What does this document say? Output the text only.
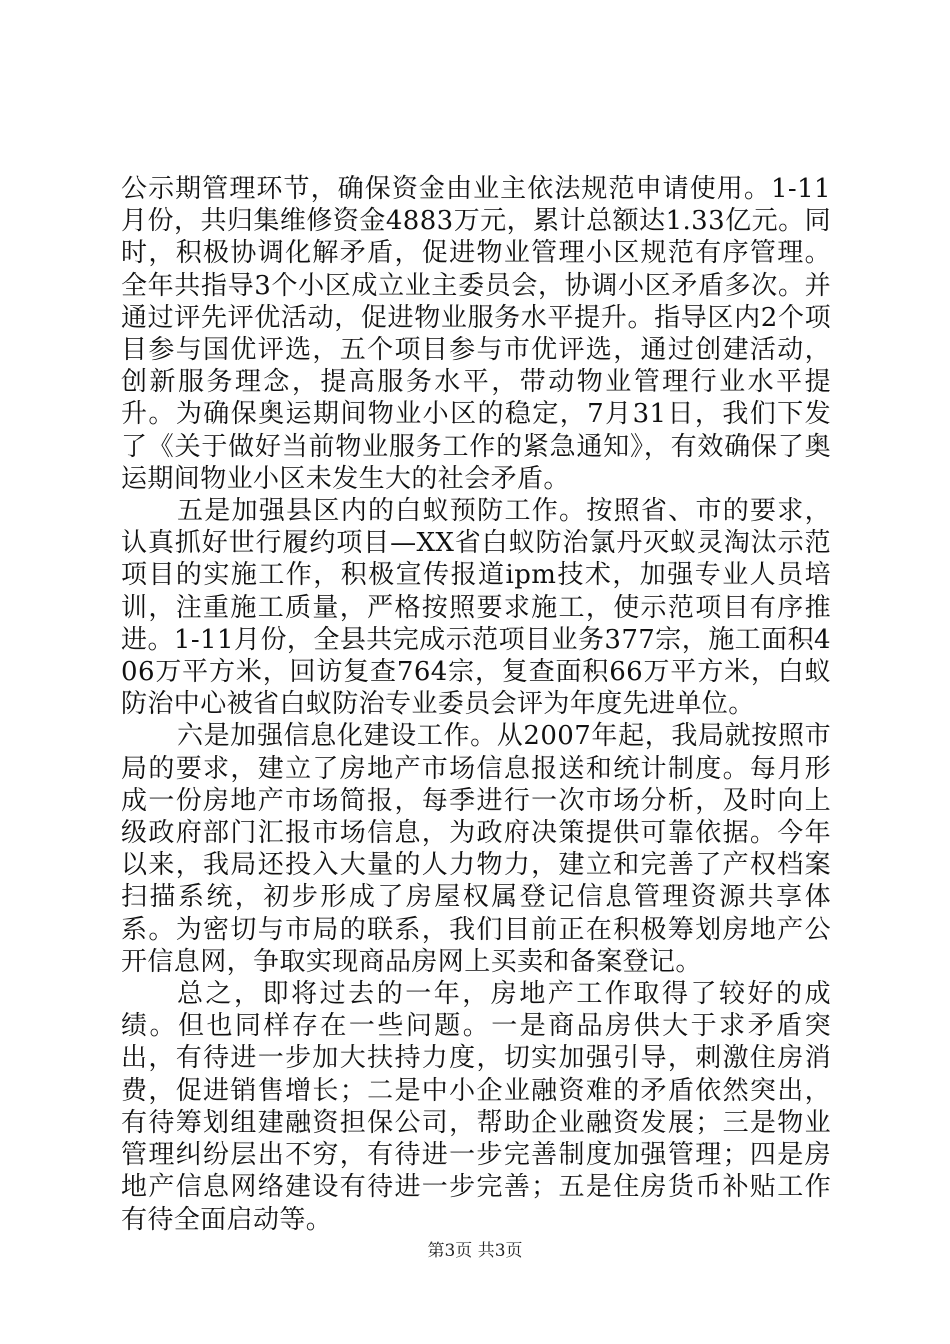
公示期管理环节，确保资金由业主依法规范申请使用。1-11月份，共归集维修资金4883万元，累计总额达1.33亿元。同时，积极协调化解矛盾，促进物业管理小区规范有序管理。全年共指导3个小区成立业主委员会，协调小区矛盾多次。并通过评先评优活动，促进物业服务水平提升。指导区内2个项目参与国优评选，五个项目参与市优评选，通过创建活动，创新服务理念，提高服务水平，带动物业管理行业水平提升。为确保奥运期间物业小区的稳定，7月31日，我们下发了《关于做好当前物业服务工作的紧急通知》，有效确保了奥运期间物业小区未发生大的社会矛盾。

五是加强县区内的白蚁预防工作。按照省、市的要求，认真抓好世行履约项目—XX省白蚁防治氯丹灭蚁灵淘汰示范项目的实施工作，积极宣传报道ipm技术，加强专业人员培训，注重施工质量，严格按照要求施工，使示范项目有序推进。1-11月份，全县共完成示范项目业务377宗，施工面积406万平方米，回访复查764宗，复查面积66万平方米，白蚁防治中心被省白蚁防治专业委员会评为年度先进单位。

六是加强信息化建设工作。从2007年起，我局就按照市局的要求，建立了房地产市场信息报送和统计制度。每月形成一份房地产市场简报，每季进行一次市场分析，及时向上级政府部门汇报市场信息，为政府决策提供可靠依据。今年以来，我局还投入大量的人力物力，建立和完善了产权档案扫描系统，初步形成了房屋权属登记信息管理资源共享体系。为密切与市局的联系，我们目前正在积极筹划房地产公开信息网，争取实现商品房网上买卖和备案登记。

总之，即将过去的一年，房地产工作取得了较好的成绩。但也同样存在一些问题。一是商品房供大于求矛盾突出，有待进一步加大扶持力度，切实加强引导，刺激住房消费，促进销售增长；二是中小企业融资难的矛盾依然突出，有待筹划组建融资担保公司，帮助企业融资发展；三是物业管理纠纷层出不穷，有待进一步完善制度加强管理；四是房地产信息网络建设有待进一步完善；五是住房货币补贴工作有待全面启动等。

第3页 共3页
